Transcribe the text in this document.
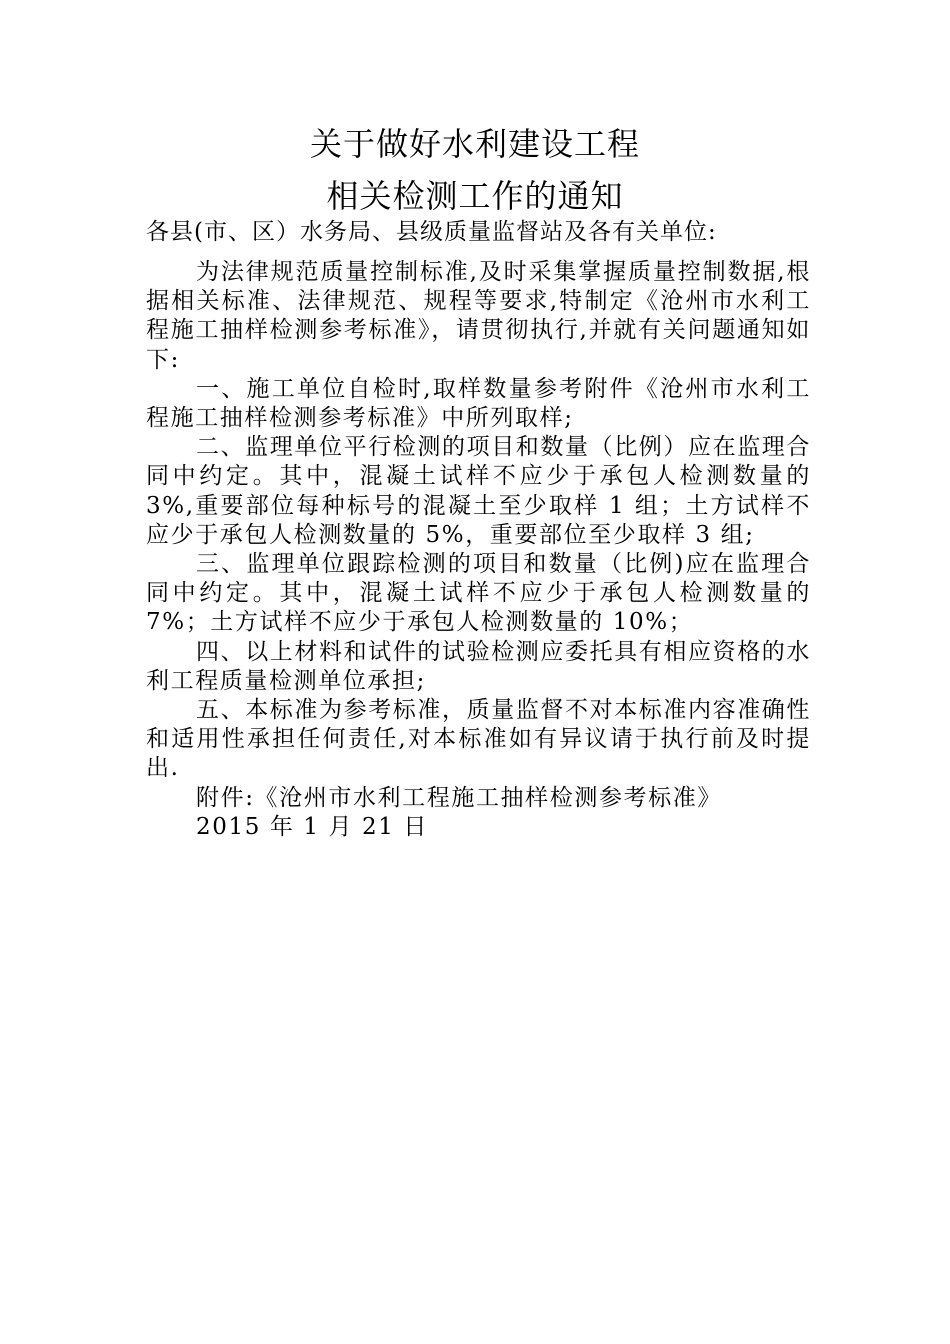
关于做好水利建设工程
相关检测工作的通知

各县(市、区）水务局、县级质量监督站及各有关单位:

为法律规范质量控制标准,及时采集掌握质量控制数据,根据相关标准、法律规范、规程等要求,特制定《沧州市水利工程施工抽样检测参考标准》，请贯彻执行,并就有关问题通知如下:

一、施工单位自检时,取样数量参考附件《沧州市水利工程施工抽样检测参考标准》中所列取样;

二、监理单位平行检测的项目和数量（比例）应在监理合同中约定。其中，混凝土试样不应少于承包人检测数量的 3%,重要部位每种标号的混凝土至少取样 1 组；土方试样不应少于承包人检测数量的 5%，重要部位至少取样 3 组;

三、监理单位跟踪检测的项目和数量（比例)应在监理合同中约定。其中，混凝土试样不应少于承包人检测数量的 7%；土方试样不应少于承包人检测数量的 10%；

四、以上材料和试件的试验检测应委托具有相应资格的水利工程质量检测单位承担;

五、本标准为参考标准，质量监督不对本标准内容准确性和适用性承担任何责任,对本标准如有异议请于执行前及时提出.

附件:《沧州市水利工程施工抽样检测参考标准》

2015 年 1 月 21 日
